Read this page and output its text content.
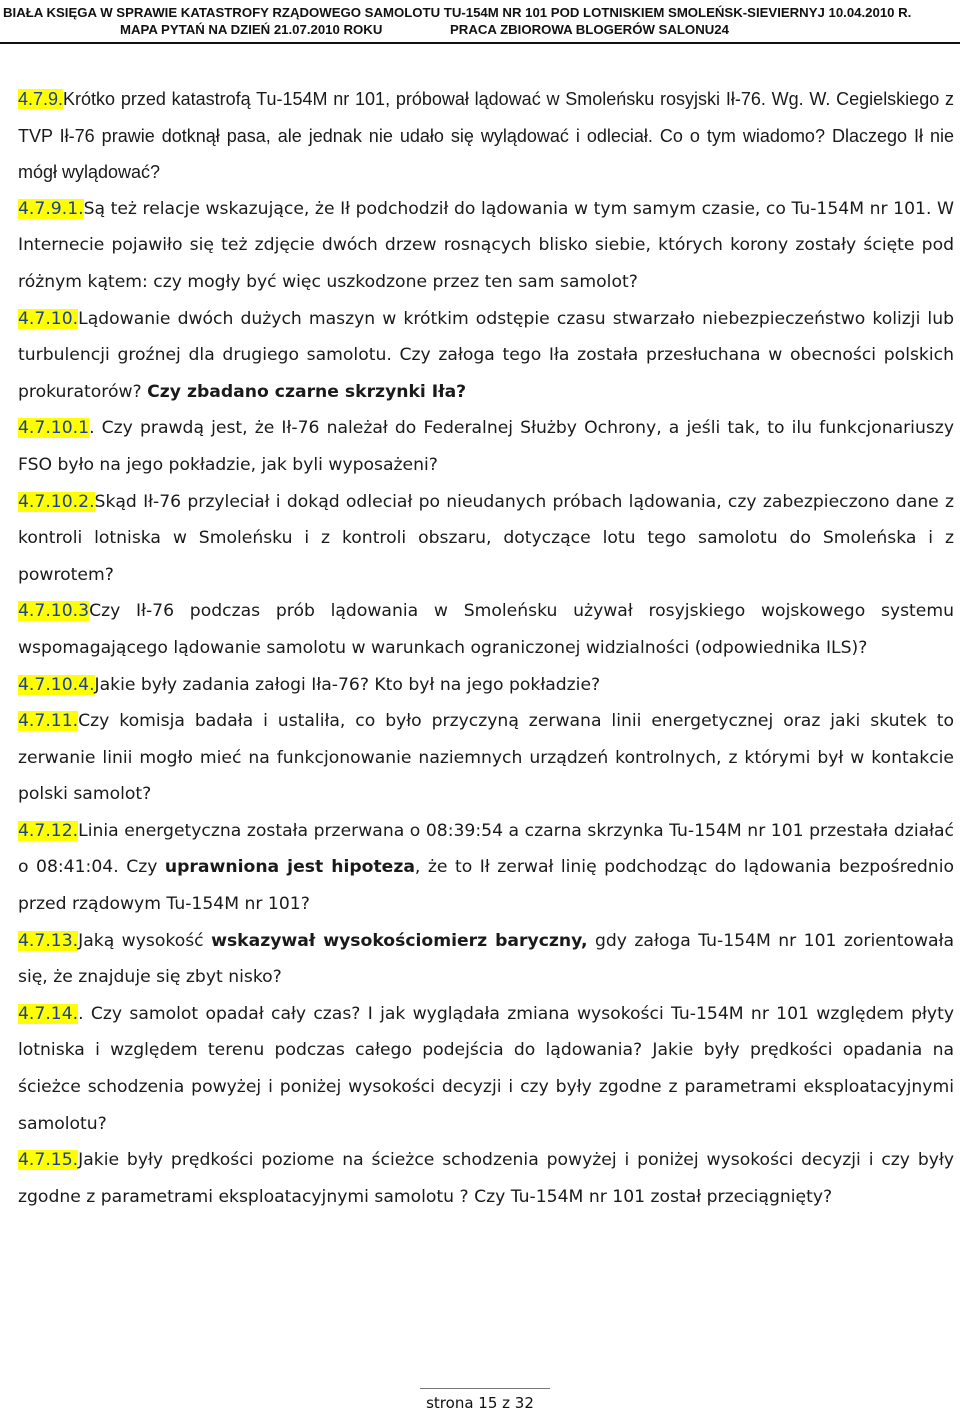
BIAŁA KSIĘGA W SPRAWIE KATASTROFY RZĄDOWEGO SAMOLOTU TU-154M NR 101 POD LOTNISKIEM SMOLEŃSK-SIEVIERNYJ 10.04.2010 R.
MAPA PYTAŃ NA DZIEŃ 21.07.2010 ROKU	PRACA ZBIOROWA BLOGERÓW SALONU24

4.7.9.Krótko przed katastrofą Tu-154M nr 101, próbował lądować w Smoleńsku rosyjski Ił-76. Wg. W. Cegielskiego z TVP Ił-76 prawie dotknął pasa, ale jednak nie udało się wylądować i odleciał. Co o tym wiadomo? Dlaczego Ił nie mógł wylądować?

4.7.9.1.Są też relacje wskazujące, że Ił podchodził do lądowania w tym samym czasie, co Tu-154M nr 101. W Internecie pojawiło się też zdjęcie dwóch drzew rosnących blisko siebie, których korony zostały ścięte pod różnym kątem: czy mogły być więc uszkodzone przez ten sam samolot?

4.7.10.Lądowanie dwóch dużych maszyn w krótkim odstępie czasu stwarzało niebezpieczeństwo kolizji lub turbulencji groźnej dla drugiego samolotu. Czy załoga tego Iła została przesłuchana w obecności polskich prokuratorów? Czy zbadano czarne skrzynki Iła?

4.7.10.1. Czy prawdą jest, że Ił-76 należał do Federalnej Służby Ochrony, a jeśli tak, to ilu funkcjonariuszy FSO było na jego pokładzie, jak byli wyposażeni?

4.7.10.2.Skąd Ił-76 przyleciał i dokąd odleciał po nieudanych próbach lądowania, czy zabezpieczono dane z kontroli lotniska w Smoleńsku i z kontroli obszaru, dotyczące lotu tego samolotu do Smoleńska i z powrotem?

4.7.10.3Czy Ił-76 podczas prób lądowania w Smoleńsku używał rosyjskiego wojskowego systemu wspomagającego lądowanie samolotu w warunkach ograniczonej widzialności (odpowiednika ILS)?

4.7.10.4.Jakie były zadania załogi Iła-76? Kto był na jego pokładzie?

4.7.11.Czy komisja badała i ustaliła, co było przyczyną zerwana linii energetycznej oraz jaki skutek to zerwanie linii mogło mieć na funkcjonowanie naziemnych urządzeń kontrolnych, z którymi był w kontakcie polski samolot?

4.7.12.Linia energetyczna została przerwana o 08:39:54 a czarna skrzynka Tu-154M nr 101 przestała działać o 08:41:04. Czy uprawniona jest hipoteza, że to Ił zerwał linię podchodząc do lądowania bezpośrednio przed rządowym Tu-154M nr 101?

4.7.13.Jaką wysokość wskazywał wysokościomierz baryczny, gdy załoga Tu-154M nr 101 zorientowała się, że znajduje się zbyt nisko?

4.7.14.. Czy samolot opadał cały czas? I jak wyglądała zmiana wysokości Tu-154M nr 101 względem płyty lotniska i względem terenu podczas całego podejścia do lądowania? Jakie były prędkości opadania na ścieżce schodzenia powyżej i poniżej wysokości decyzji i czy były zgodne z parametrami eksploatacyjnymi samolotu?

4.7.15.Jakie były prędkości poziome na ścieżce schodzenia powyżej i poniżej wysokości decyzji i czy były zgodne z parametrami eksploatacyjnymi samolotu ? Czy Tu-154M nr 101 został przeciągnięty?

strona 15 z 32
